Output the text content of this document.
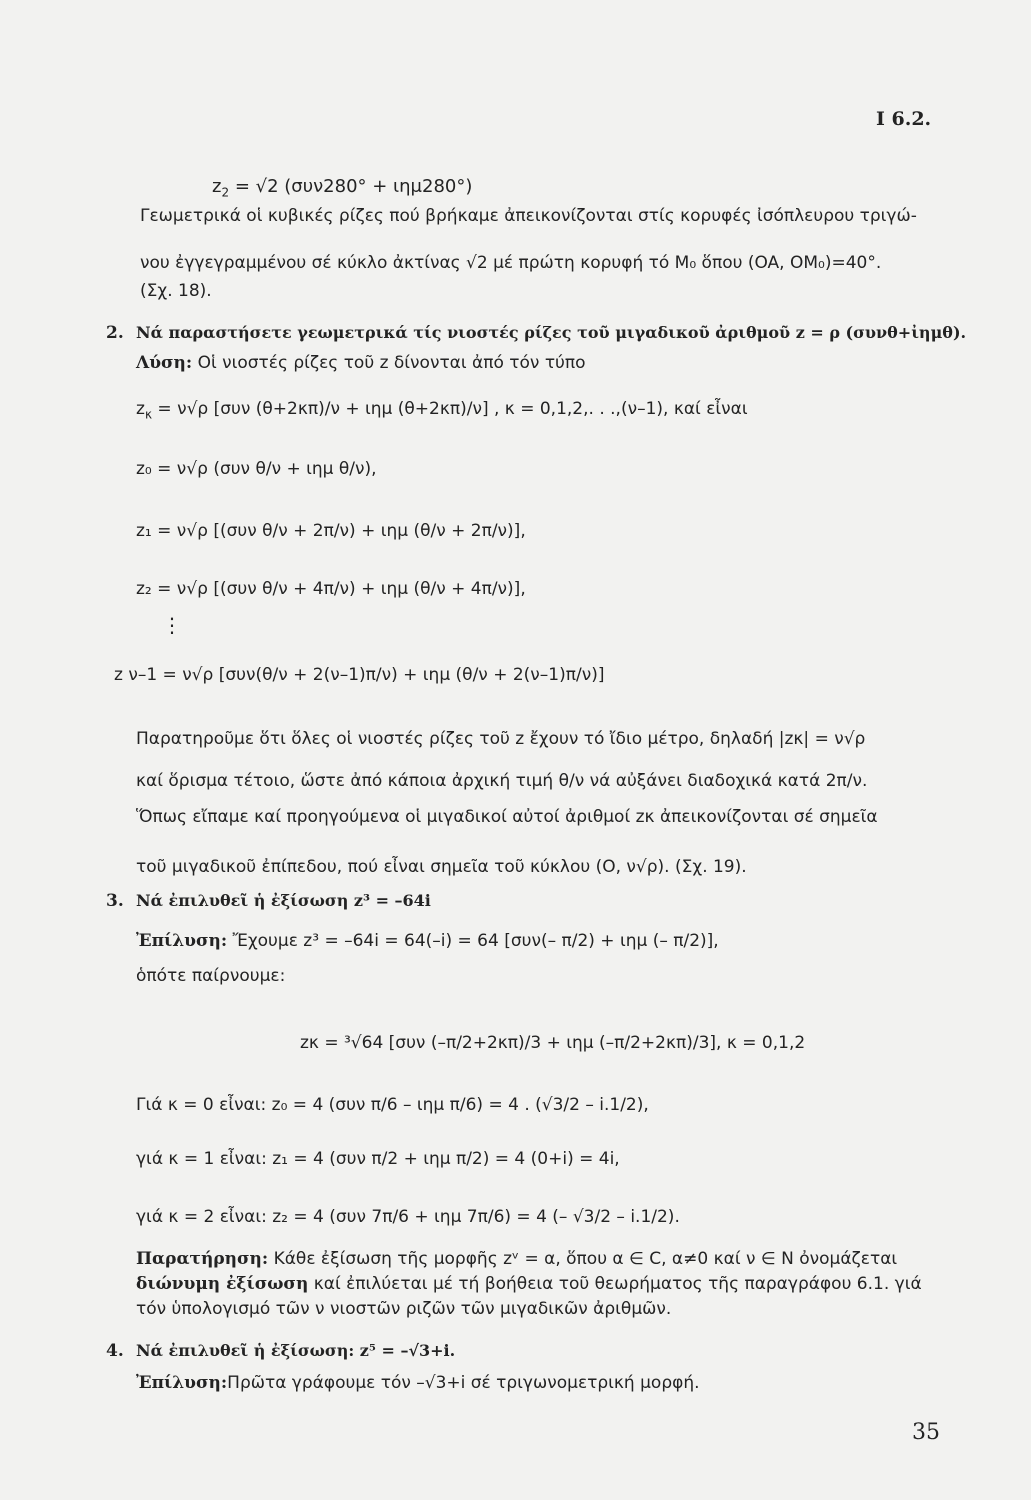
Ι 6.2.
$z_2 = √2$ (συν280° + ιημ280°)
Γεωμετρικά οἱ κυβικές ρίζες πού βρήκαμε ἀπεικονίζονται στίς κορυφές ἰσόπλευρου τριγώ-
νου ἐγγεγραμμένου σέ κύκλο ἀκτίνας √2 μέ πρώτη κορυφή τό M₀ ὅπου (OA, OM₀)=40°.
(Σχ. 18).
2. Νά παραστήσετε γεωμετρικά τίς νιοστές ρίζες τοῦ μιγαδικοῦ ἀριθμοῦ z = ρ (συνθ+ἰημθ).
Λύση: Οἱ νιοστές ρίζες τοῦ z δίνονται ἀπό τόν τύπο
$z_\kappa = \nu√\rho$ [συν (θ+2κπ)/ν + ιημ (θ+2κπ)/ν] , κ = 0,1,2,. . .,(ν–1), καί εἶναι
z₀ = ν√ρ (συν θ/ν + ιημ θ/ν),
z₁ = ν√ρ [(συν θ/ν + 2π/ν) + ιημ (θ/ν + 2π/ν)],
z₂ = ν√ρ [(συν θ/ν + 4π/ν) + ιημ (θ/ν + 4π/ν)],
⋮
z ν–1 = ν√ρ [συν(θ/ν + 2(ν–1)π/ν) + ιημ (θ/ν + 2(ν–1)π/ν)]
Παρατηροῦμε ὅτι ὅλες οἱ νιοστές ρίζες τοῦ z ἔχουν τό ἴδιο μέτρο, δηλαδή |zκ| = ν√ρ
καί ὅρισμα τέτοιο, ὥστε ἀπό κάποια ἀρχική τιμή θ/ν νά αὐξάνει διαδοχικά κατά 2π/ν.
Ὅπως εἴπαμε καί προηγούμενα οἱ μιγαδικοί αὐτοί ἀριθμοί zκ ἀπεικονίζονται σέ σημεῖα
τοῦ μιγαδικοῦ ἐπίπεδου, πού εἶναι σημεῖα τοῦ κύκλου (O, ν√ρ). (Σχ. 19).
3. Νά ἐπιλυθεῖ ἡ ἐξίσωση z³ = –64i
Ἐπίλυση: Ἔχουμε z³ = –64i = 64(–i) = 64 [συν(– π/2) + ιημ (– π/2)],
ὁπότε παίρνουμε:
zκ = ³√64 [συν (–π/2+2κπ)/3 + ιημ (–π/2+2κπ)/3], κ = 0,1,2
Γιά κ = 0 εἶναι: z₀ = 4 (συν π/6 – ιημ π/6) = 4 . (√3/2 – i.1/2),
γιά κ = 1 εἶναι: z₁ = 4 (συν π/2 + ιημ π/2) = 4 (0+i) = 4i,
γιά κ = 2 εἶναι: z₂ = 4 (συν 7π/6 + ιημ 7π/6) = 4 (– √3/2 – i.1/2).
Παρατήρηση: Κάθε ἐξίσωση τῆς μορφῆς zᵛ = α, ὅπου α ∈ C, α≠0 καί ν ∈ N ὀνομάζεται
διώνυμη ἐξίσωση καί ἐπιλύεται μέ τή βοήθεια τοῦ θεωρήματος τῆς παραγράφου 6.1. γιά
τόν ὑπολογισμό τῶν ν νιοστῶν ριζῶν τῶν μιγαδικῶν ἀριθμῶν.
4. Νά ἐπιλυθεῖ ἡ ἐξίσωση: z⁵ = –√3+i.
Ἐπίλυση:Πρῶτα γράφουμε τόν –√3+i σέ τριγωνομετρική μορφή.
35
